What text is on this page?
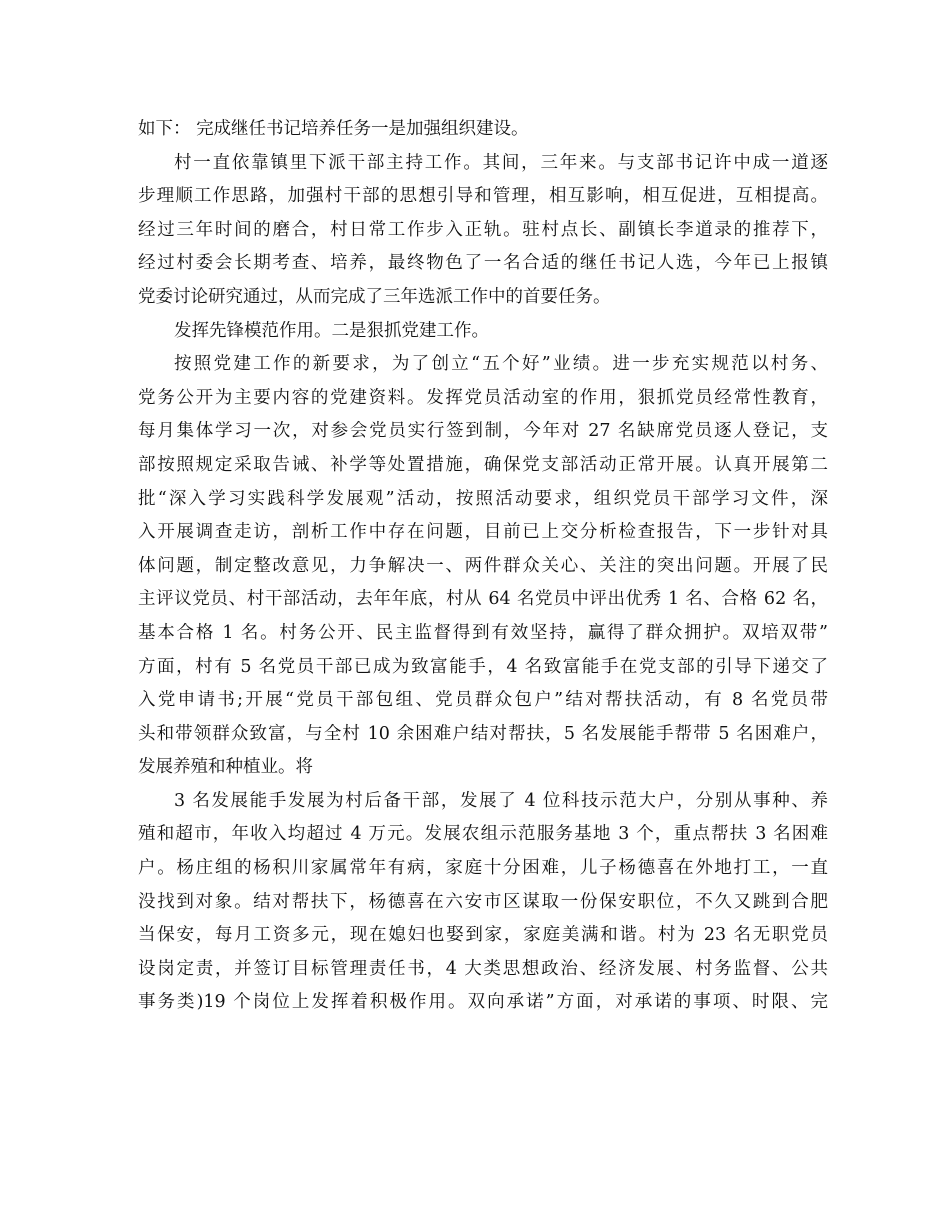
如下： 完成继任书记培养任务一是加强组织建设。
村一直依靠镇里下派干部主持工作。其间，三年来。与支部书记许中成一道逐
步理顺工作思路，加强村干部的思想引导和管理，相互影响，相互促进，互相提高。
经过三年时间的磨合，村日常工作步入正轨。驻村点长、副镇长李道录的推荐下，
经过村委会长期考查、培养，最终物色了一名合适的继任书记人选，今年已上报镇
党委讨论研究通过，从而完成了三年选派工作中的首要任务。
发挥先锋模范作用。二是狠抓党建工作。
按照党建工作的新要求，为了创立“五个好”业绩。进一步充实规范以村务、
党务公开为主要内容的党建资料。发挥党员活动室的作用，狠抓党员经常性教育，
每月集体学习一次，对参会党员实行签到制，今年对 27 名缺席党员逐人登记，支
部按照规定采取告诫、补学等处置措施，确保党支部活动正常开展。认真开展第二
批“深入学习实践科学发展观”活动，按照活动要求，组织党员干部学习文件，深
入开展调查走访，剖析工作中存在问题，目前已上交分析检查报告，下一步针对具
体问题，制定整改意见，力争解决一、两件群众关心、关注的突出问题。开展了民
主评议党员、村干部活动，去年年底，村从 64 名党员中评出优秀 1 名、合格 62 名，
基本合格 1 名。村务公开、民主监督得到有效坚持，赢得了群众拥护。双培双带”
方面，村有 5 名党员干部已成为致富能手，4 名致富能手在党支部的引导下递交了
入党申请书;开展“党员干部包组、党员群众包户”结对帮扶活动，有 8 名党员带
头和带领群众致富，与全村 10 余困难户结对帮扶，5 名发展能手帮带 5 名困难户，
发展养殖和种植业。将
3 名发展能手发展为村后备干部，发展了 4 位科技示范大户，分别从事种、养
殖和超市，年收入均超过 4 万元。发展农组示范服务基地 3 个，重点帮扶 3 名困难
户。杨庄组的杨积川家属常年有病，家庭十分困难，儿子杨德喜在外地打工，一直
没找到对象。结对帮扶下，杨德喜在六安市区谋取一份保安职位，不久又跳到合肥
当保安，每月工资多元，现在媳妇也娶到家，家庭美满和谐。村为 23 名无职党员
设岗定责，并签订目标管理责任书，4 大类思想政治、经济发展、村务监督、公共
事务类)19 个岗位上发挥着积极作用。双向承诺”方面，对承诺的事项、时限、完
